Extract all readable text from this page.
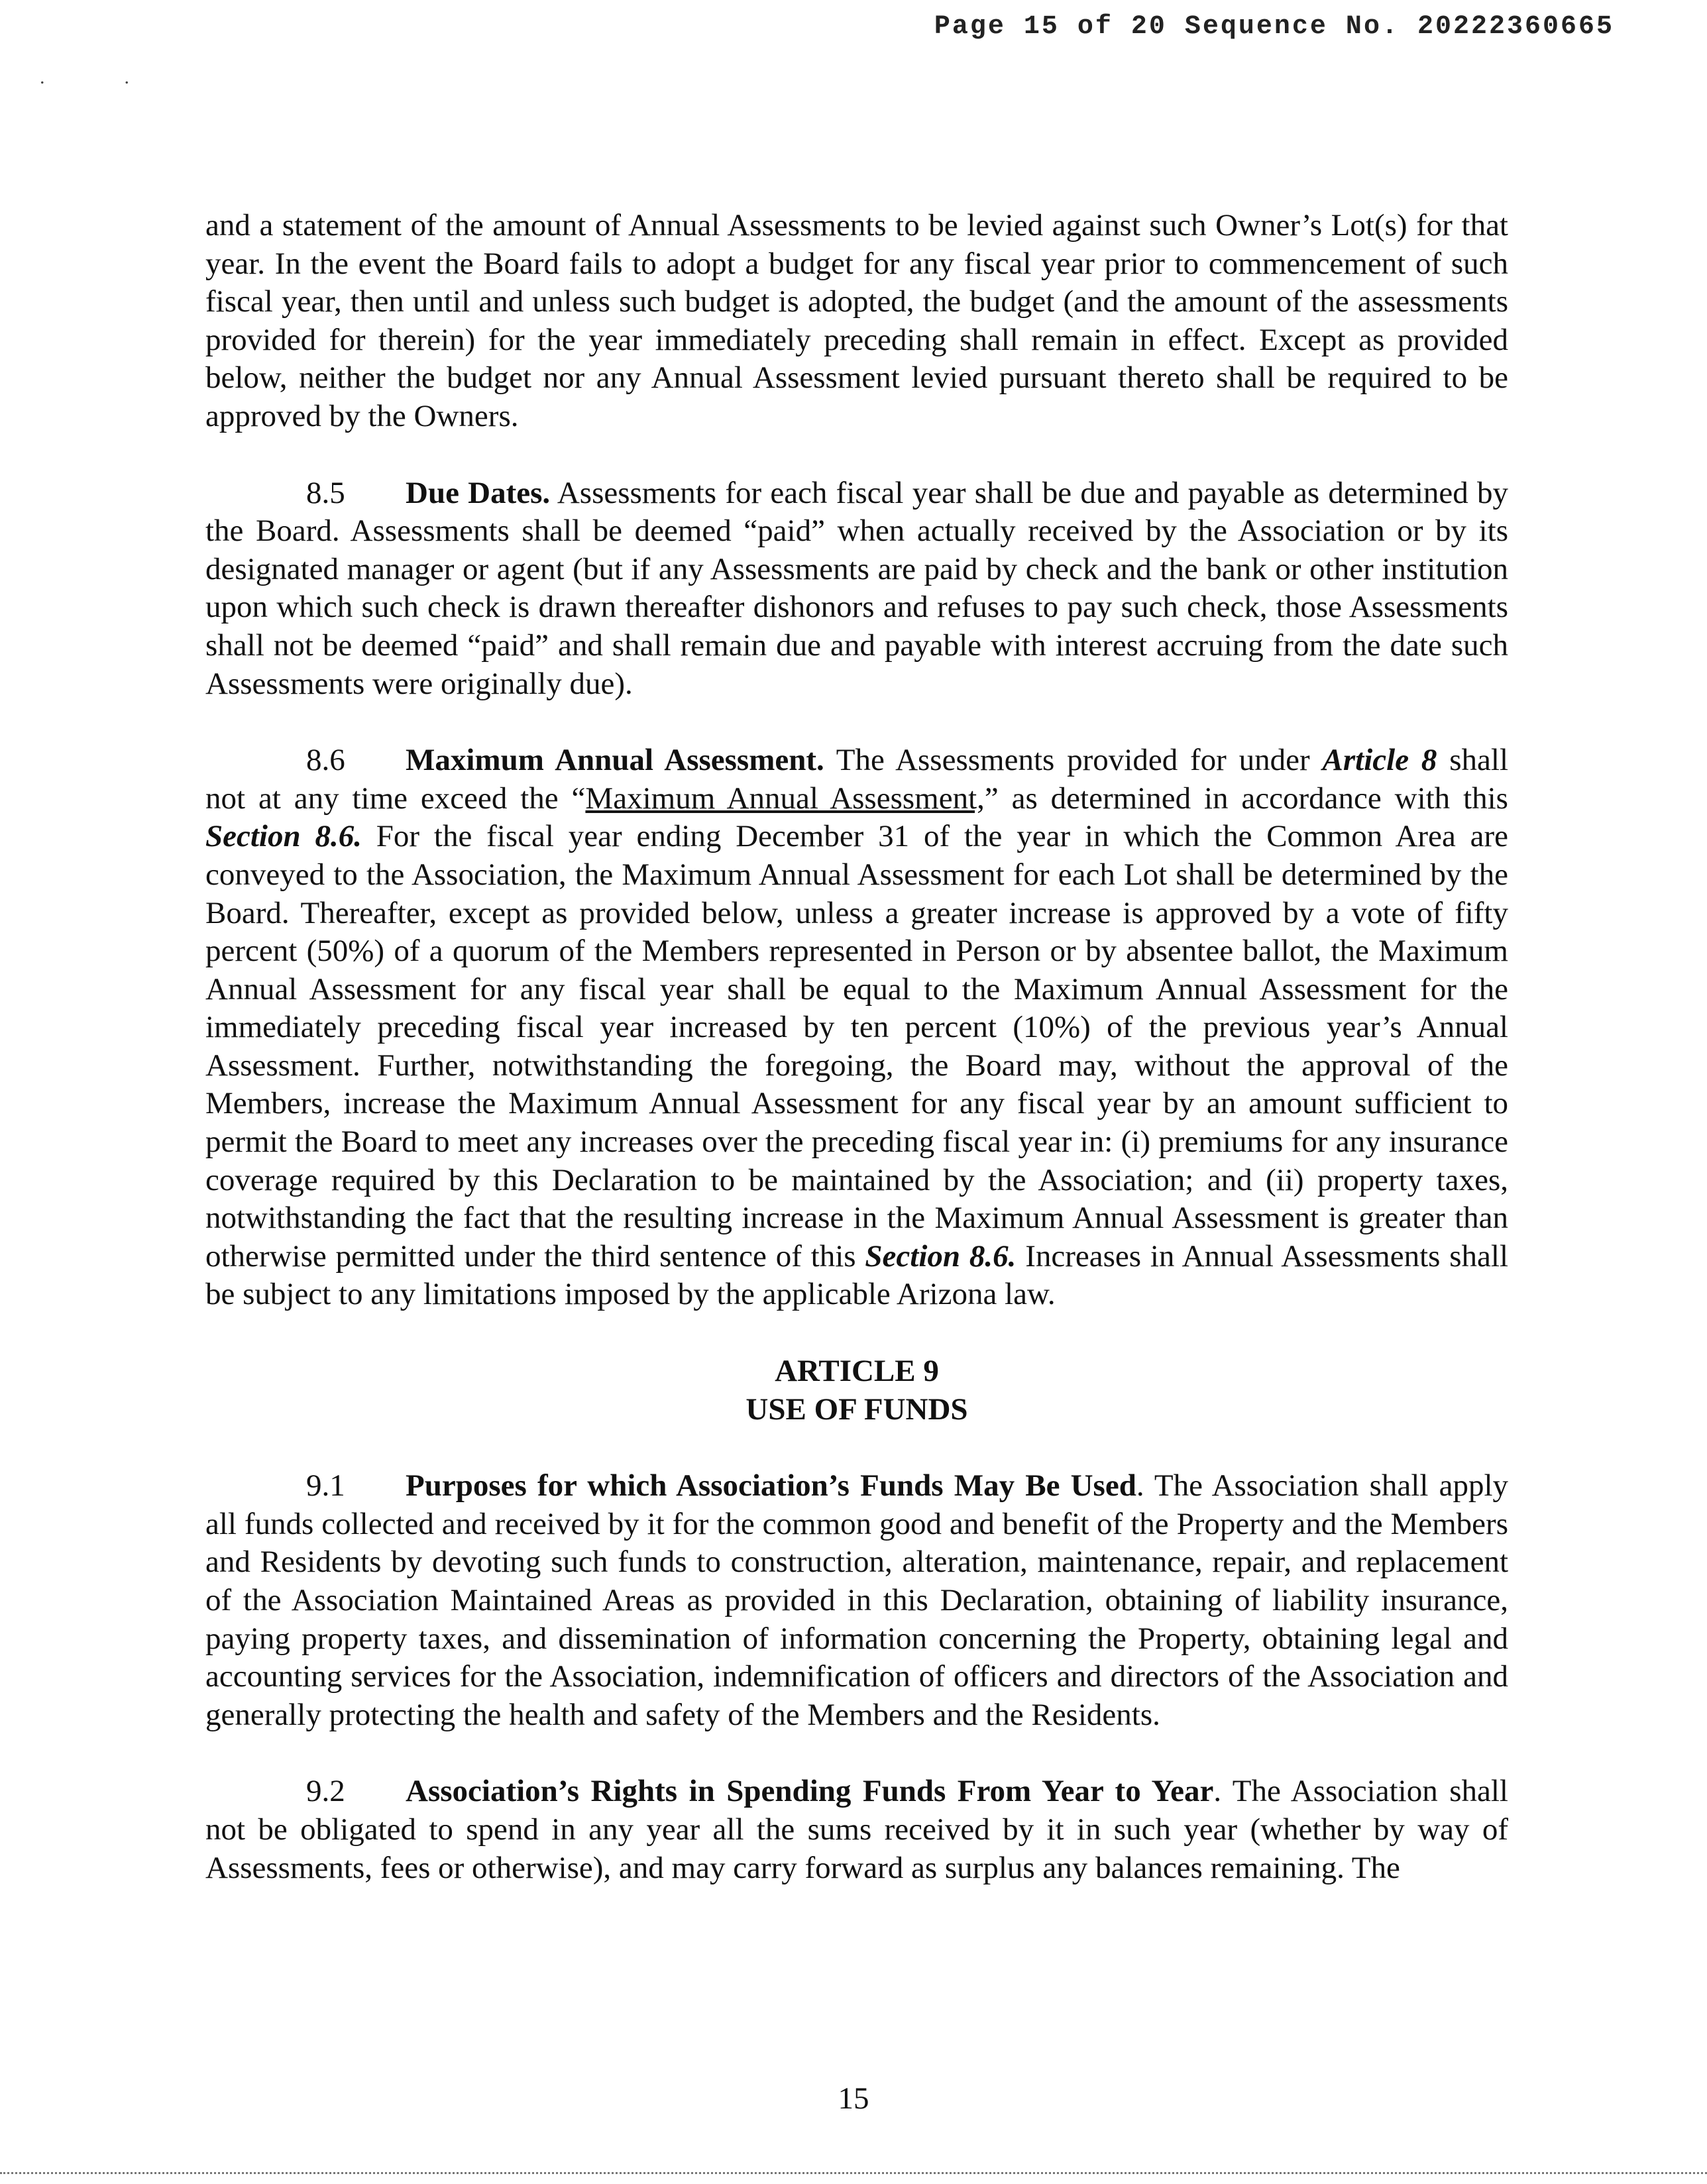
Page 15 of 20 Sequence No. 20222360665
..

and a statement of the amount of Annual Assessments to be levied against such Owner’s Lot(s) for that year. In the event the Board fails to adopt a budget for any fiscal year prior to commencement of such fiscal year, then until and unless such budget is adopted, the budget (and the amount of the assessments provided for therein) for the year immediately preceding shall remain in effect. Except as provided below, neither the budget nor any Annual Assessment levied pursuant thereto shall be required to be approved by the Owners.

8.5 Due Dates. Assessments for each fiscal year shall be due and payable as determined by the Board. Assessments shall be deemed “paid” when actually received by the Association or by its designated manager or agent (but if any Assessments are paid by check and the bank or other institution upon which such check is drawn thereafter dishonors and refuses to pay such check, those Assessments shall not be deemed “paid” and shall remain due and payable with interest accruing from the date such Assessments were originally due).

8.6 Maximum Annual Assessment. The Assessments provided for under Article 8 shall not at any time exceed the “Maximum Annual Assessment,” as determined in accordance with this Section 8.6. For the fiscal year ending December 31 of the year in which the Common Area are conveyed to the Association, the Maximum Annual Assessment for each Lot shall be determined by the Board. Thereafter, except as provided below, unless a greater increase is approved by a vote of fifty percent (50%) of a quorum of the Members represented in Person or by absentee ballot, the Maximum Annual Assessment for any fiscal year shall be equal to the Maximum Annual Assessment for the immediately preceding fiscal year increased by ten percent (10%) of the previous year’s Annual Assessment. Further, notwithstanding the foregoing, the Board may, without the approval of the Members, increase the Maximum Annual Assessment for any fiscal year by an amount sufficient to permit the Board to meet any increases over the preceding fiscal year in: (i) premiums for any insurance coverage required by this Declaration to be maintained by the Association; and (ii) property taxes, notwithstanding the fact that the resulting increase in the Maximum Annual Assessment is greater than otherwise permitted under the third sentence of this Section 8.6. Increases in Annual Assessments shall be subject to any limitations imposed by the applicable Arizona law.

ARTICLE 9
USE OF FUNDS

9.1 Purposes for which Association’s Funds May Be Used. The Association shall apply all funds collected and received by it for the common good and benefit of the Property and the Members and Residents by devoting such funds to construction, alteration, maintenance, repair, and replacement of the Association Maintained Areas as provided in this Declaration, obtaining of liability insurance, paying property taxes, and dissemination of information concerning the Property, obtaining legal and accounting services for the Association, indemnification of officers and directors of the Association and generally protecting the health and safety of the Members and the Residents.

9.2 Association’s Rights in Spending Funds From Year to Year. The Association shall not be obligated to spend in any year all the sums received by it in such year (whether by way of Assessments, fees or otherwise), and may carry forward as surplus any balances remaining. The

15
